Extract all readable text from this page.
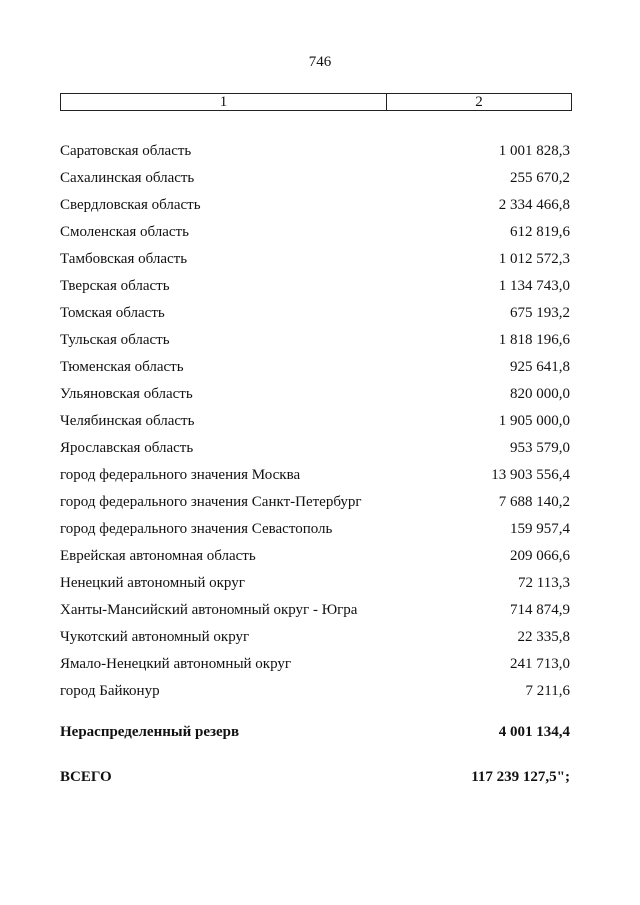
746
1	2
Саратовская область	1 001 828,3
Сахалинская область	255 670,2
Свердловская область	2 334 466,8
Смоленская область	612 819,6
Тамбовская область	1 012 572,3
Тверская область	1 134 743,0
Томская область	675 193,2
Тульская область	1 818 196,6
Тюменская область	925 641,8
Ульяновская область	820 000,0
Челябинская область	1 905 000,0
Ярославская область	953 579,0
город федерального значения Москва	13 903 556,4
город федерального значения Санкт-Петербург	7 688 140,2
город федерального значения Севастополь	159 957,4
Еврейская автономная область	209 066,6
Ненецкий автономный округ	72 113,3
Ханты-Мансийский автономный округ - Югра	714 874,9
Чукотский автономный округ	22 335,8
Ямало-Ненецкий автономный округ	241 713,0
город Байконур	7 211,6
Нераспределенный резерв	4 001 134,4
ВСЕГО	117 239 127,5";
